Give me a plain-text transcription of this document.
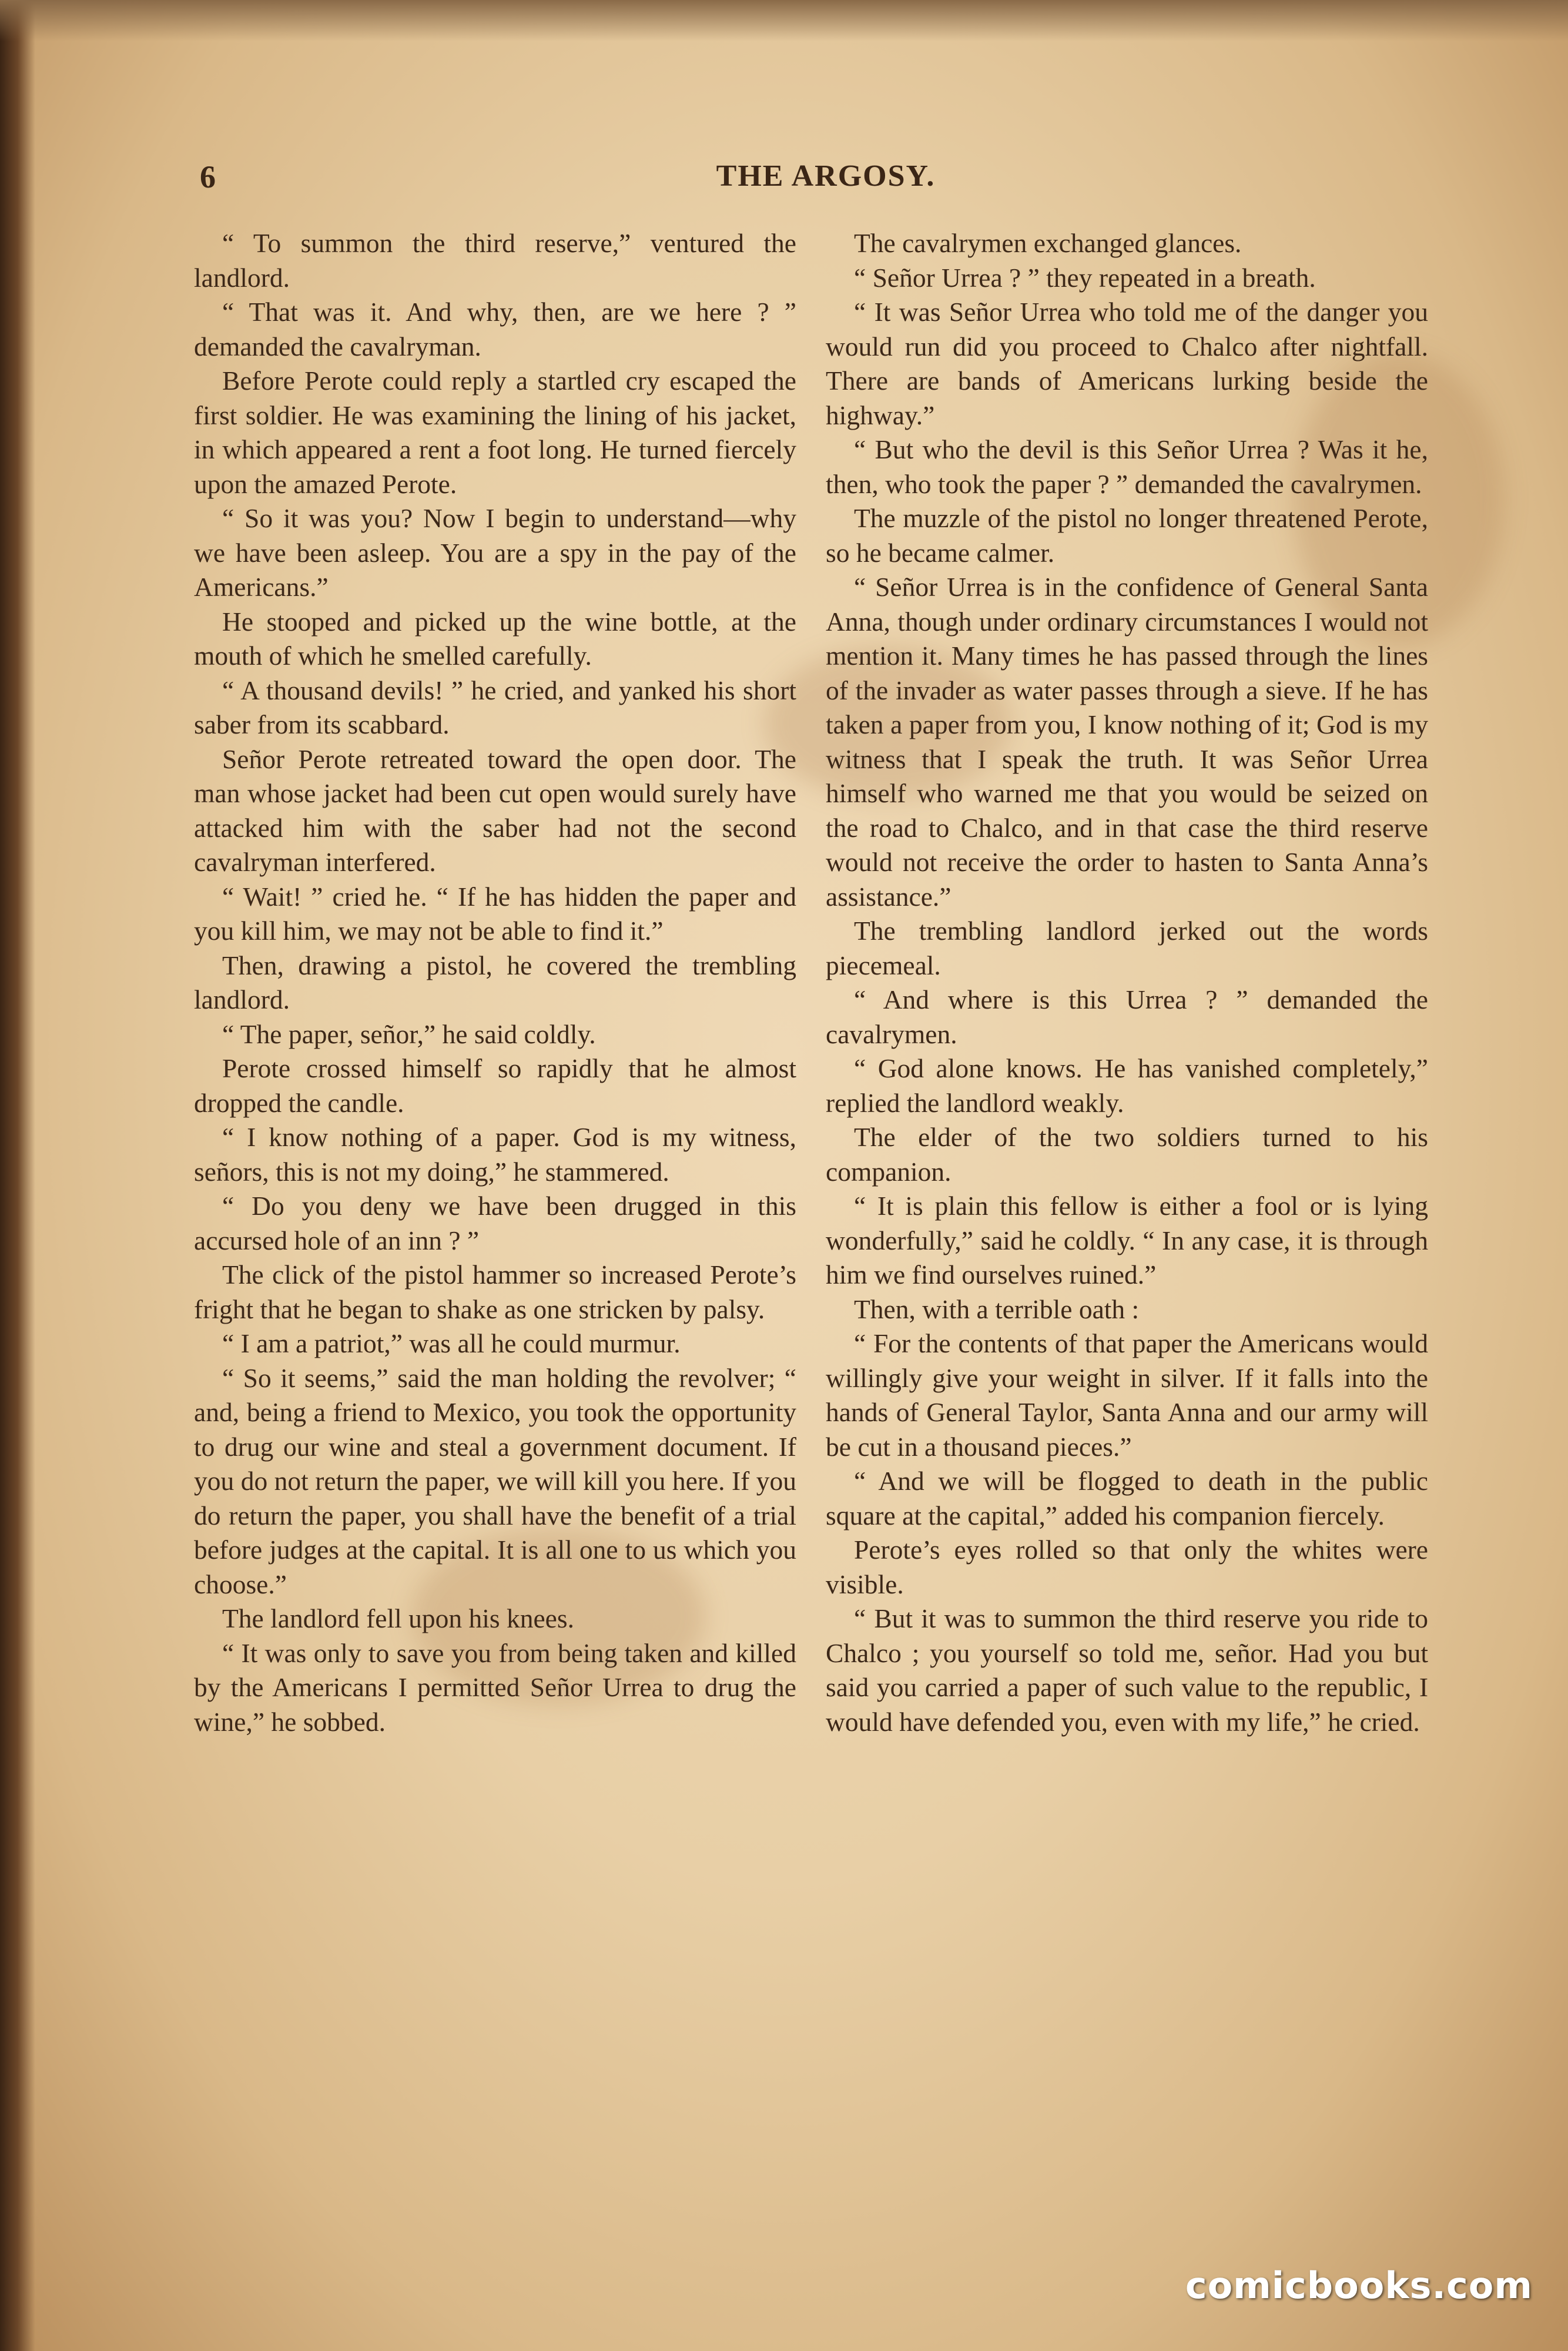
6	THE ARGOSY.

“ To summon the third reserve,” ventured the landlord.

“ That was it. And why, then, are we here ? ” demanded the cavalryman.

Before Perote could reply a startled cry escaped the first soldier. He was examining the lining of his jacket, in which appeared a rent a foot long. He turned fiercely upon the amazed Perote.

“ So it was you? Now I begin to understand—why we have been asleep. You are a spy in the pay of the Americans.”

He stooped and picked up the wine bottle, at the mouth of which he smelled carefully.

“ A thousand devils! ” he cried, and yanked his short saber from its scabbard.

Señor Perote retreated toward the open door. The man whose jacket had been cut open would surely have attacked him with the saber had not the second cavalryman interfered.

“ Wait! ” cried he. “ If he has hidden the paper and you kill him, we may not be able to find it.”

Then, drawing a pistol, he covered the trembling landlord.

“ The paper, señor,” he said coldly.

Perote crossed himself so rapidly that he almost dropped the candle.

“ I know nothing of a paper. God is my witness, señors, this is not my doing,” he stammered.

“ Do you deny we have been drugged in this accursed hole of an inn ? ”

The click of the pistol hammer so increased Perote’s fright that he began to shake as one stricken by palsy.

“ I am a patriot,” was all he could murmur.

“ So it seems,” said the man holding the revolver; “ and, being a friend to Mexico, you took the opportunity to drug our wine and steal a government document. If you do not return the paper, we will kill you here. If you do return the paper, you shall have the benefit of a trial before judges at the capital. It is all one to us which you choose.”

The landlord fell upon his knees.

“ It was only to save you from being taken and killed by the Americans I permitted Señor Urrea to drug the wine,” he sobbed.

The cavalrymen exchanged glances.

“ Señor Urrea ? ” they repeated in a breath.

“ It was Señor Urrea who told me of the danger you would run did you proceed to Chalco after nightfall. There are bands of Americans lurking beside the highway.”

“ But who the devil is this Señor Urrea ? Was it he, then, who took the paper ? ” demanded the cavalrymen.

The muzzle of the pistol no longer threatened Perote, so he became calmer.

“ Señor Urrea is in the confidence of General Santa Anna, though under ordinary circumstances I would not mention it. Many times he has passed through the lines of the invader as water passes through a sieve. If he has taken a paper from you, I know nothing of it; God is my witness that I speak the truth. It was Señor Urrea himself who warned me that you would be seized on the road to Chalco, and in that case the third reserve would not receive the order to hasten to Santa Anna’s assistance.”

The trembling landlord jerked out the words piecemeal.

“ And where is this Urrea ? ” demanded the cavalrymen.

“ God alone knows. He has vanished completely,” replied the landlord weakly.

The elder of the two soldiers turned to his companion.

“ It is plain this fellow is either a fool or is lying wonderfully,” said he coldly. “ In any case, it is through him we find ourselves ruined.”

Then, with a terrible oath :

“ For the contents of that paper the Americans would willingly give your weight in silver. If it falls into the hands of General Taylor, Santa Anna and our army will be cut in a thousand pieces.”

“ And we will be flogged to death in the public square at the capital,” added his companion fiercely.

Perote’s eyes rolled so that only the whites were visible.

“ But it was to summon the third reserve you ride to Chalco ; you yourself so told me, señor. Had you but said you carried a paper of such value to the republic, I would have defended you, even with my life,” he cried.

comicbooks.com
